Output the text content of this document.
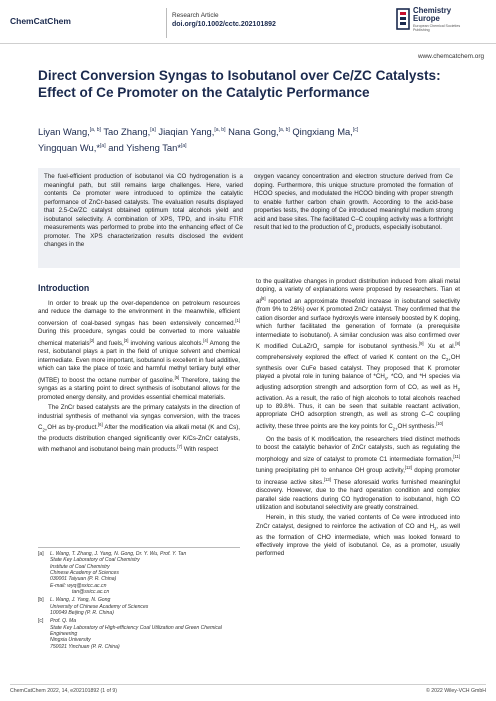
ChemCatChem
Research Article
doi.org/10.1002/cctc.202101892
Chemistry
Europe
European Chemical Societies Publishing
www.chemcatchem.org
Direct Conversion Syngas to Isobutanol over Ce/ZC Catalysts: Effect of Ce Promoter on the Catalytic Performance
Liyan Wang,[a, b] Tao Zhang,[a] Jiaqian Yang,[a, b] Nana Gong,[a, b] Qingxiang Ma,[c]
Yingquan Wu,*[a] and Yisheng Tan*[a]
The fuel-efficient production of isobutanol via CO hydrogenation is a meaningful path, but still remains large challenges. Here, varied contents Ce promoter were introduced to optimize the catalytic performance of ZnCr-based catalysts. The evaluation results displayed that 2.5-Ce/ZC catalyst obtained optimum total alcohols yield and isobutanol selectivity. A combination of XPS, TPD, and in-situ FTIR measurements was performed to probe into the enhancing effect of Ce promoter. The XPS characterization results disclosed the evident changes in the
oxygen vacancy concentration and electron structure derived from Ce doping. Furthermore, this unique structure promoted the formation of HCOO species, and modulated the HCOO binding with proper strength to enable further carbon chain growth. According to the acid-base properties tests, the doping of Ce introduced meaningful medium strong acid and base sites. The facilitated C–C coupling activity was a forthright result that led to the production of $C_4$ products, especially isobutanol.
Introduction

In order to break up the over-dependence on petroleum resources and reduce the damage to the environment in the meanwhile, efficient conversion of coal-based syngas has been extensively concerned.[1] During this procedure, syngas could be converted to more valuable chemical materials[2] and fuels,[3] involving various alcohols.[4] Among the rest, isobutanol plays a part in the field of unique solvent and chemical intermediate. Even more important, isobutanol is excellent in fuel additive, which can take the place of toxic and harmful methyl tertiary butyl ether (MTBE) to boost the octane number of gasoline.[5] Therefore, taking the syngas as a starting point to direct synthesis of isobutanol allows for the promoted energy density, and provides essential chemical materials.

The ZnCr based catalysts are the primary catalysts in the direction of industrial synthesis of methanol via syngas conversion, with the traces $C_{2+}OH$ as by-product.[6] After the modification via alkali metal (K and Cs), the products distribution changed significantly over K/Cs-ZnCr catalysts, with methanol and isobutanol being main products.[7] With respect

[a]	L. Wang, T. Zhang, J. Yang, N. Gong, Dr. Y. Wu, Prof. Y. Tan
State Key Laboratory of Coal Chemistry
Institute of Coal Chemistry
Chinese Academy of Sciences
030001 Taiyuan (P. R. China)
E-mail: wyq@sxicc.ac.cn
tan@sxicc.ac.cn
[b]	L. Wang, J. Yang, N. Gong
University of Chinese Academy of Sciences
100049 Beijing (P. R. China)
[c]	Prof. Q. Ma
State Key Laboratory of High-efficiency Coal Utilization and Green Chemical Engineering
Ningxia University
750021 Yinchuan (P. R. China)

to the qualitative changes in product distribution induced from alkali metal doping, a variety of explanations were proposed by researchers. Tian et al[8] reported an approximate threefold increase in isobutanol selectivity (from 9% to 26%) over K promoted ZnCr catalyst. They confirmed that the cation disorder and surface hydroxyls were intensely boosted by K doping, which further facilitated the generation of formate (a prerequisite intermediate to isobutanol). A similar conclusion was also confirmed over K modified CuLaZrO$_x$ sample for isobutanol synthesis.[9] Xu et al.[8] comprehensively explored the effect of varied K content on the $C_{2+}OH$ synthesis over CuFe based catalyst. They proposed that K promoter played a pivotal role in tuning balance of $*CH_x$, *CO, and *H species via adjusting adsorption strength and adsorption form of CO, as well as $H_2$ activation. As a result, the ratio of high alcohols to total alcohols reached up to 89.8%. Thus, it can be seen that suitable reactant activation, appropriate CHO adsorption strength, as well as strong C–C coupling activity, these three points are the key points for $C_{2+}OH$ synthesis.[10]

On the basis of K modification, the researchers tried distinct methods to boost the catalytic behavior of ZnCr catalysts, such as regulating the morphology and size of catalyst to promote C1 intermediate formation,[11] tuning precipitating pH to enhance OH group activity,[12] doping promoter to increase active sites.[13] These aforesaid works furnished meaningful discovery. However, due to the hard operation condition and complex parallel side reactions during CO hydrogenation to isobutanol, high CO utilization and isobutanol selectivity are greatly constrained.

Herein, in this study, the varied contents of Ce were introduced into ZnCr catalyst, designed to reinforce the activation of CO and $H_2$, as well as the formation of CHO intermediate, which was looked forward to effectively improve the yield of isobutanol. Ce, as a promoter, usually performed

ChemCatChem 2022, 14, e202101892 (1 of 9)	© 2022 Wiley-VCH GmbH
